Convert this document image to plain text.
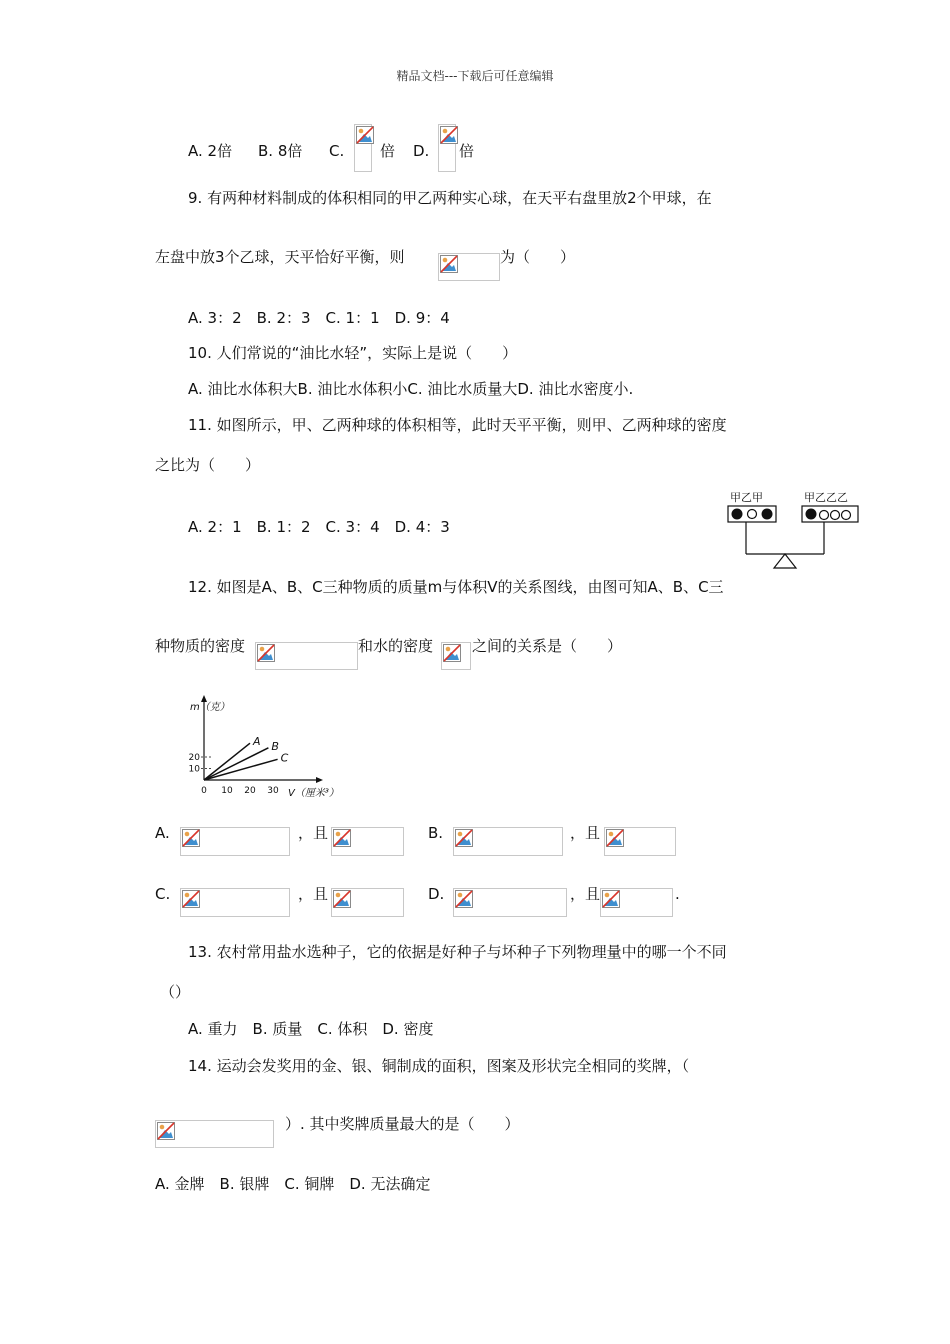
精品文档---下载后可任意编辑
A. 2倍 B. 8倍 C. 倍 D. 倍
9. 有两种材料制成的体积相同的甲乙两种实心球，在天平右盘里放2个甲球，在
左盘中放3个乙球，天平恰好平衡，则	为（　　）
A. 3：2　B. 2：3　C. 1：1　D. 9：4
10. 人们常说的“油比水轻”，实际上是说（　　）
A. 油比水体积大B. 油比水体积小C. 油比水质量大D. 油比水密度小.
11. 如图所示，甲、乙两种球的体积相等，此时天平平衡，则甲、乙两种球的密度
之比为（　　）
A. 2：1　B. 1：2　C. 3：4　D. 4：3
甲乙甲	甲乙乙乙
12. 如图是A、B、C三种物质的质量m与体积V的关系图线，由图可知A、B、C三
种物质的密度	和水的密度	之间的关系是（　　）
m（克）
V（厘米³）
0 10 20 30
10
20
A B
C
A.	，且	B.	，且
C.	，且	D.	，且	.
13. 农村常用盐水选种子，它的依据是好种子与坏种子下列物理量中的哪一个不同
（）
A. 重力　B. 质量　C. 体积　D. 密度
14. 运动会发奖用的金、银、铜制成的面积，图案及形状完全相同的奖牌，（
）. 其中奖牌质量最大的是（　　）
A. 金牌　B. 银牌　C. 铜牌　D. 无法确定
